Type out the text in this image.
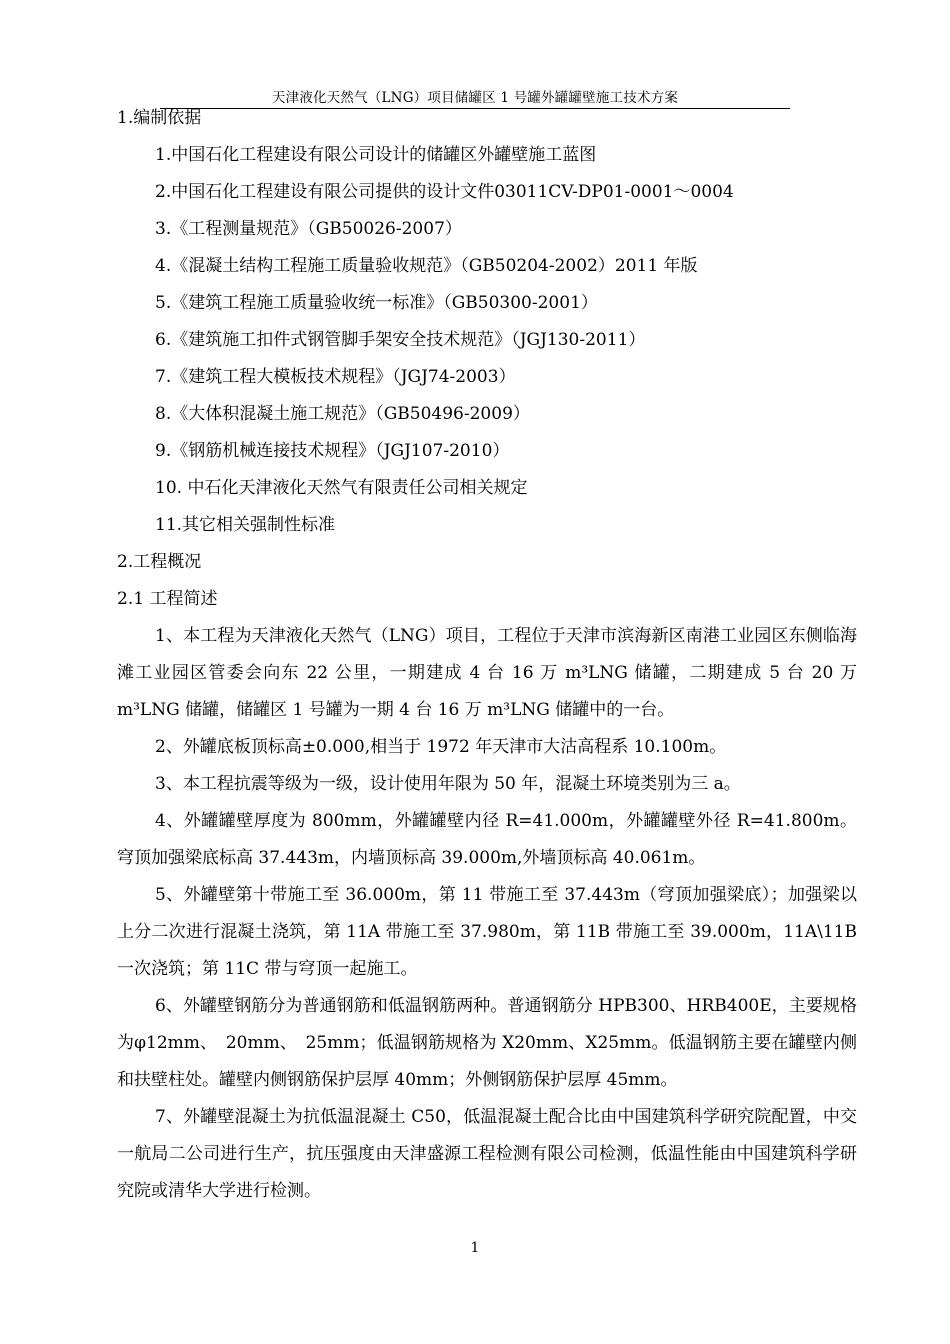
天津液化天然气（LNG）项目储罐区 1 号罐外罐罐壁施工技术方案
1.编制依据
1.中国石化工程建设有限公司设计的储罐区外罐壁施工蓝图
2.中国石化工程建设有限公司提供的设计文件03011CV-DP01-0001～0004
3.《工程测量规范》（GB50026-2007）
4.《混凝土结构工程施工质量验收规范》（GB50204-2002）2011 年版
5.《建筑工程施工质量验收统一标准》（GB50300-2001）
6.《建筑施工扣件式钢管脚手架安全技术规范》（JGJ130-2011）
7.《建筑工程大模板技术规程》（JGJ74-2003）
8.《大体积混凝土施工规范》（GB50496-2009）
9.《钢筋机械连接技术规程》（JGJ107-2010）
10. 中石化天津液化天然气有限责任公司相关规定
11.其它相关强制性标准
2.工程概况
2.1 工程简述

1、本工程为天津液化天然气（LNG）项目，工程位于天津市滨海新区南港工业园区东侧临海滩工业园区管委会向东 22 公里，一期建成 4 台 16 万 m³LNG 储罐，二期建成 5 台 20 万 m³LNG 储罐，储罐区 1 号罐为一期 4 台 16 万 m³LNG 储罐中的一台。

2、外罐底板顶标高±0.000,相当于 1972 年天津市大沽高程系 10.100m。

3、本工程抗震等级为一级，设计使用年限为 50 年，混凝土环境类别为三 a。

4、外罐罐壁厚度为 800mm，外罐罐壁内径 R=41.000m，外罐罐壁外径 R=41.800m。穹顶加强梁底标高 37.443m，内墙顶标高 39.000m,外墙顶标高 40.061m。

5、外罐壁第十带施工至 36.000m，第 11 带施工至 37.443m（穹顶加强梁底）；加强梁以上分二次进行混凝土浇筑，第 11A 带施工至 37.980m，第 11B 带施工至 39.000m，11A\11B 一次浇筑；第 11C 带与穹顶一起施工。

6、外罐壁钢筋分为普通钢筋和低温钢筋两种。普通钢筋分 HPB300、HRB400E，主要规格为φ12mm、　20mm、　25mm；低温钢筋规格为 X20mm、X25mm。低温钢筋主要在罐壁内侧和扶壁柱处。罐壁内侧钢筋保护层厚 40mm；外侧钢筋保护层厚 45mm。

7、外罐壁混凝土为抗低温混凝土 C50，低温混凝土配合比由中国建筑科学研究院配置，中交一航局二公司进行生产，抗压强度由天津盛源工程检测有限公司检测，低温性能由中国建筑科学研究院或清华大学进行检测。

1
